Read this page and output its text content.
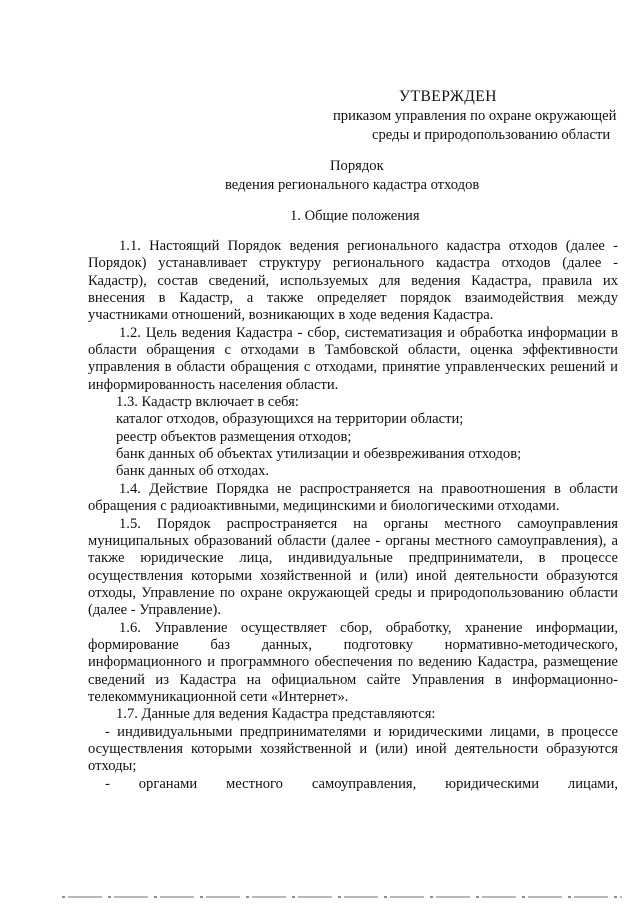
УТВЕРЖДЕН
приказом управления по охране окружающей
среды и природопользованию области
Порядок
ведения регионального кадастра отходов
1. Общие положения

1.1. Настоящий Порядок ведения регионального кадастра отходов (далее - Порядок) устанавливает структуру регионального кадастра отходов (далее - Кадастр), состав сведений, используемых для ведения Кадастра, правила их внесения в Кадастр, а также определяет порядок взаимодействия между участниками отношений, возникающих в ходе ведения Кадастра.

1.2. Цель ведения Кадастра - сбор, систематизация и обработка информации в области обращения с отходами в Тамбовской области, оценка эффективности управления в области обращения с отходами, принятие управленческих решений и информированность населения области.

1.3. Кадастр включает в себя:

каталог отходов, образующихся на территории области;

реестр объектов размещения отходов;

банк данных об объектах утилизации и обезвреживания отходов;

банк данных об отходах.

1.4. Действие Порядка не распространяется на правоотношения в области обращения с радиоактивными, медицинскими и биологическими отходами.

1.5. Порядок распространяется на органы местного самоуправления муниципальных образований области (далее - органы местного самоуправления), а также юридические лица, индивидуальные предприниматели, в процессе осуществления которыми хозяйственной и (или) иной деятельности образуются отходы, Управление по охране окружающей среды и природопользованию области (далее - Управление).

1.6. Управление осуществляет сбор, обработку, хранение информации, формирование баз данных, подготовку нормативно-методического, информационного и программного обеспечения по ведению Кадастра, размещение сведений из Кадастра на официальном сайте Управления в информационно-телекоммуникационной сети «Интернет».

1.7. Данные для ведения Кадастра представляются:

- индивидуальными предпринимателями и юридическими лицами, в процессе осуществления которыми хозяйственной и (или) иной деятельности образуются отходы;

- органами местного самоуправления, юридическими лицами,
